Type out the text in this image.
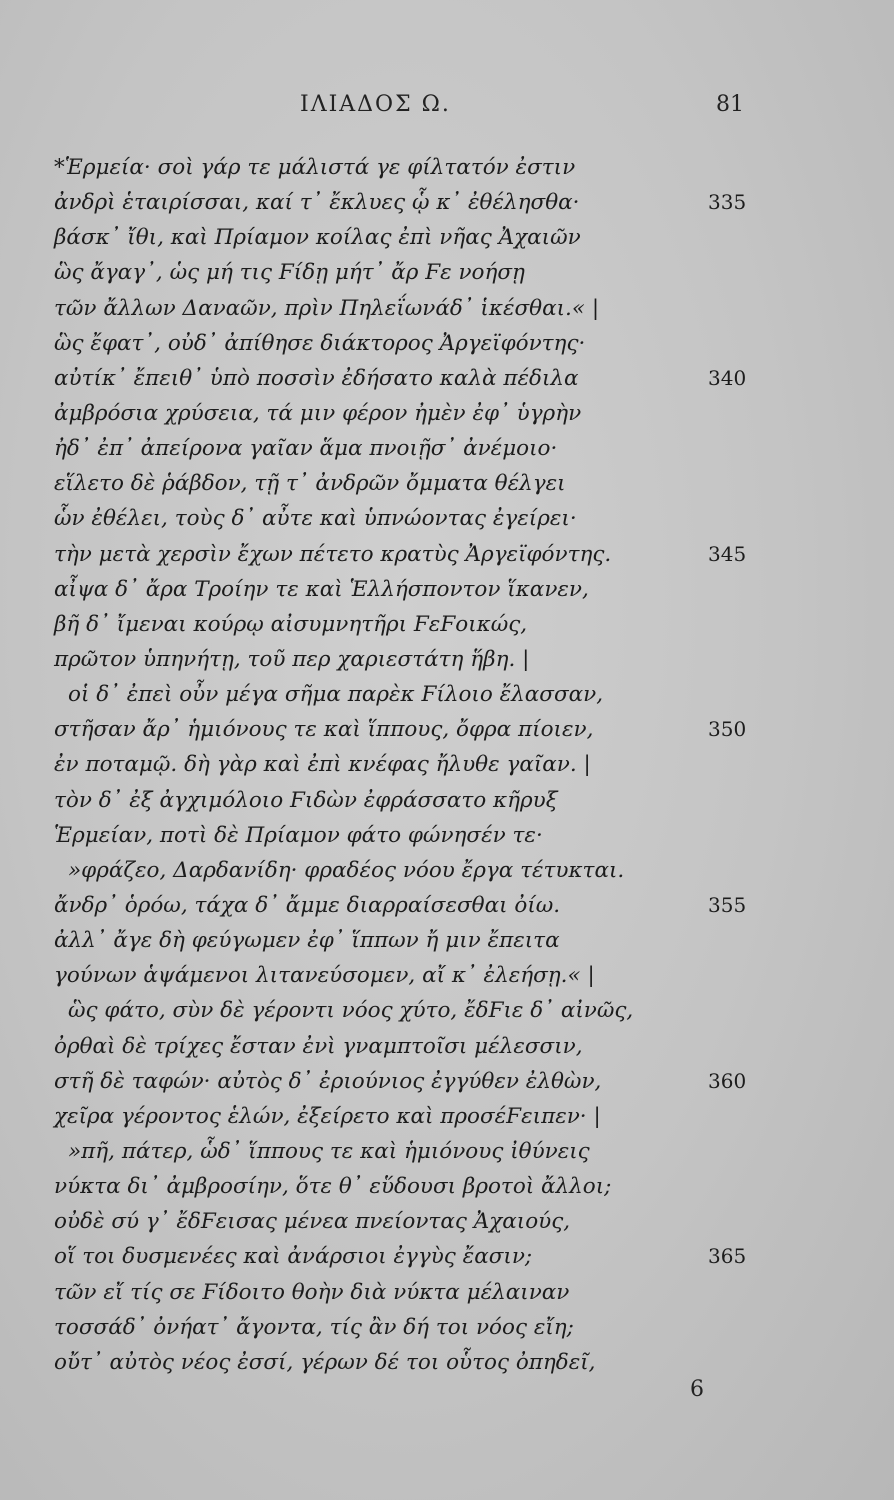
ΙΛΙΑΔΟΣ Ω.	81
*Ἑρμεία· σοὶ γάρ τε μάλιστά γε φίλτατόν ἐστιν
ἀνδρὶ ἑταιρίσσαι, καί τ᾽ ἔκλυες ᾧ κ᾽ ἐθέλησθα·	335
βάσκ᾽ ἴθι, καὶ Πρίαμον κοίλας ἐπὶ νῆας Ἀχαιῶν
ὣς ἄγαγ᾽, ὡς μή τις Ϝίδῃ μήτ᾽ ἄρ Ϝε νοήσῃ
τῶν ἄλλων Δαναῶν, πρὶν Πηλεΐωνάδ᾽ ἱκέσθαι.« |
ὣς ἔφατ᾽, οὐδ᾽ ἀπίθησε διάκτορος Ἀργεϊφόντης·
αὐτίκ᾽ ἔπειθ᾽ ὑπὸ ποσσὶν ἐδήσατο καλὰ πέδιλα	340
ἀμβρόσια χρύσεια, τά μιν φέρον ἠμὲν ἐφ᾽ ὑγρὴν
ἠδ᾽ ἐπ᾽ ἀπείρονα γαῖαν ἅμα πνοιῇσ᾽ ἀνέμοιο·
εἵλετο δὲ ῥάβδον, τῇ τ᾽ ἀνδρῶν ὄμματα θέλγει
ὧν ἐθέλει, τοὺς δ᾽ αὖτε καὶ ὑπνώοντας ἐγείρει·
τὴν μετὰ χερσὶν ἔχων πέτετο κρατὺς Ἀργεϊφόντης.	345
αἶψα δ᾽ ἄρα Τροίην τε καὶ Ἑλλήσποντον ἵκανεν,
βῆ δ᾽ ἴμεναι κούρῳ αἰσυμνητῆρι ϜεϜοικώς,
πρῶτον ὑπηνήτῃ, τοῦ περ χαριεστάτη ἥβη. |
οἱ δ᾽ ἐπεὶ οὖν μέγα σῆμα παρὲκ Ϝίλοιο ἔλασσαν,
στῆσαν ἄρ᾽ ἡμιόνους τε καὶ ἵππους, ὄφρα πίοιεν,	350
ἐν ποταμῷ. δὴ γὰρ καὶ ἐπὶ κνέφας ἤλυθε γαῖαν. |
τὸν δ᾽ ἐξ ἀγχιμόλοιο Ϝιδὼν ἐφράσσατο κῆρυξ
Ἑρμείαν, ποτὶ δὲ Πρίαμον φάτο φώνησέν τε·
»φράζεο, Δαρδανίδη· φραδέος νόου ἔργα τέτυκται.
ἄνδρ᾽ ὁρόω, τάχα δ᾽ ἄμμε διαρραίσεσθαι ὀίω.	355
ἀλλ᾽ ἄγε δὴ φεύγωμεν ἐφ᾽ ἵππων ἤ μιν ἔπειτα
γούνων ἁψάμενοι λιτανεύσομεν, αἴ κ᾽ ἐλεήσῃ.« |
ὣς φάτο, σὺν δὲ γέροντι νόος χύτο, ἔδϜιε δ᾽ αἰνῶς,
ὀρθαὶ δὲ τρίχες ἔσταν ἐνὶ γναμπτοῖσι μέλεσσιν,
στῆ δὲ ταφών· αὐτὸς δ᾽ ἐριούνιος ἐγγύθεν ἐλθὼν,	360
χεῖρα γέροντος ἑλών, ἐξείρετο καὶ προσέϜειπεν· |
»πῆ, πάτερ, ὧδ᾽ ἵππους τε καὶ ἡμιόνους ἰθύνεις
νύκτα δι᾽ ἀμβροσίην, ὅτε θ᾽ εὕδουσι βροτοὶ ἄλλοι;
οὐδὲ σύ γ᾽ ἔδϜεισας μένεα πνείοντας Ἀχαιούς,
οἵ τοι δυσμενέες καὶ ἀνάρσιοι ἐγγὺς ἔασιν;	365
τῶν εἴ τίς σε Ϝίδοιτο θοὴν διὰ νύκτα μέλαιναν
τοσσάδ᾽ ὀνήατ᾽ ἄγοντα, τίς ἂν δή τοι νόος εἴη;
οὔτ᾽ αὐτὸς νέος ἐσσί, γέρων δέ τοι οὗτος ὀπηδεῖ,
6
